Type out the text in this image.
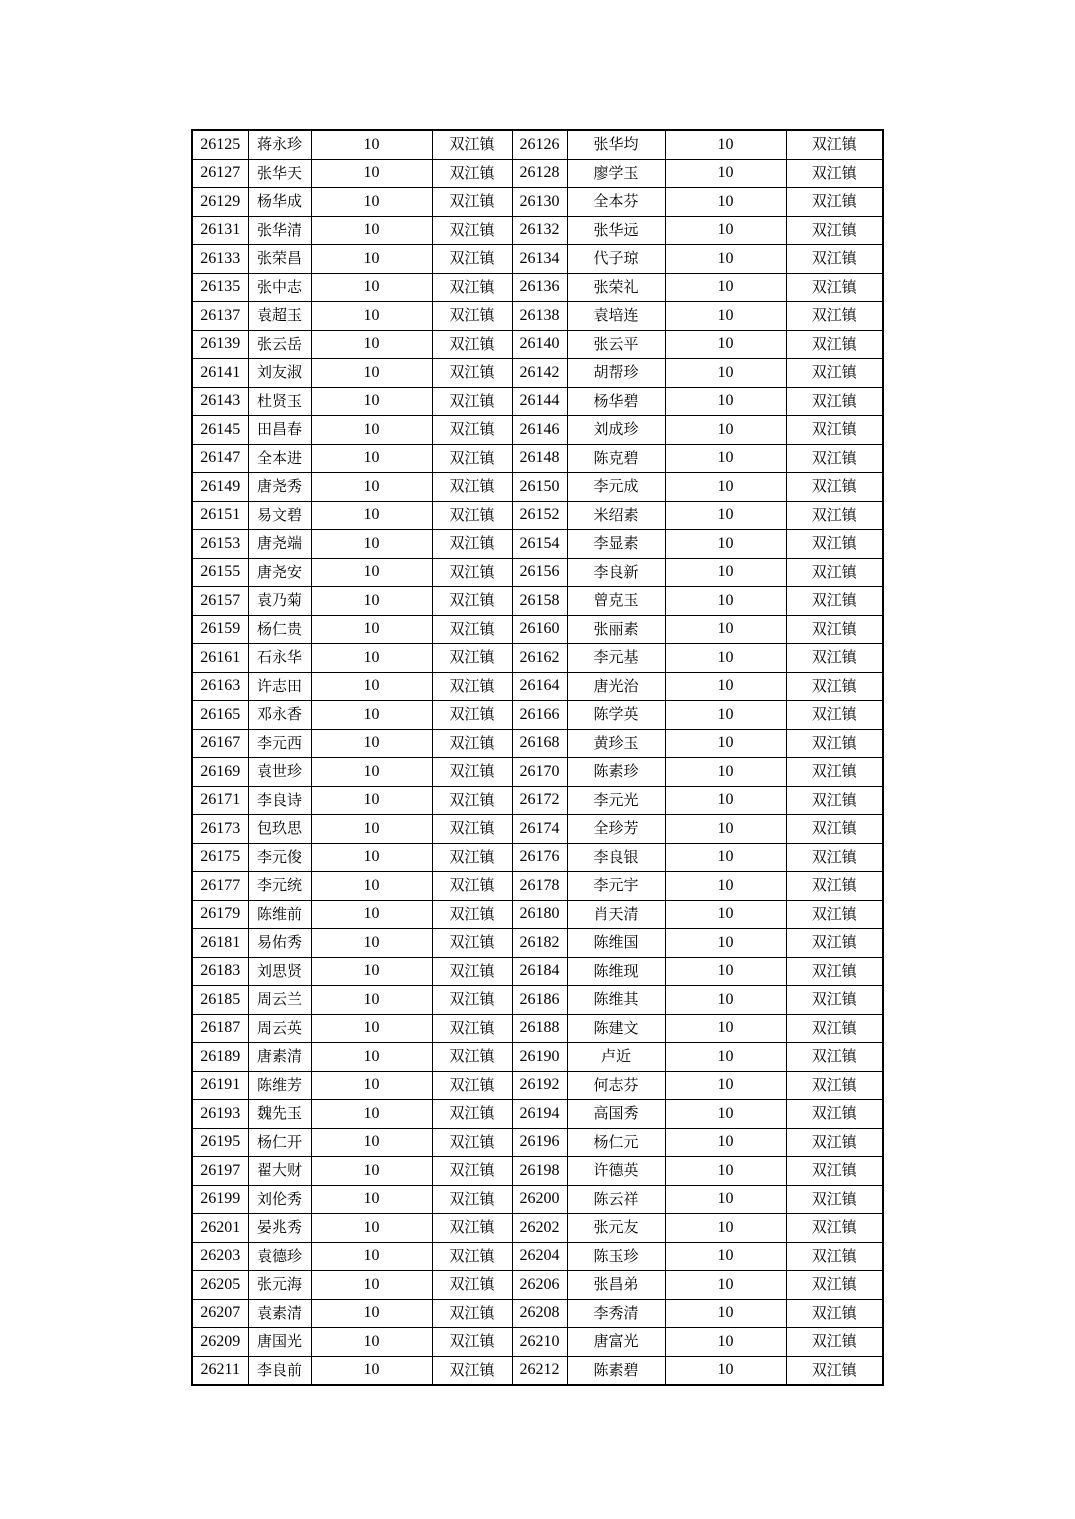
26125	蒋永珍	10	双江镇	26126	张华均	10	双江镇
26127	张华天	10	双江镇	26128	廖学玉	10	双江镇
26129	杨华成	10	双江镇	26130	全本芬	10	双江镇
26131	张华清	10	双江镇	26132	张华远	10	双江镇
26133	张荣昌	10	双江镇	26134	代子琼	10	双江镇
26135	张中志	10	双江镇	26136	张荣礼	10	双江镇
26137	袁超玉	10	双江镇	26138	袁培连	10	双江镇
26139	张云岳	10	双江镇	26140	张云平	10	双江镇
26141	刘友淑	10	双江镇	26142	胡帮珍	10	双江镇
26143	杜贤玉	10	双江镇	26144	杨华碧	10	双江镇
26145	田昌春	10	双江镇	26146	刘成珍	10	双江镇
26147	全本进	10	双江镇	26148	陈克碧	10	双江镇
26149	唐尧秀	10	双江镇	26150	李元成	10	双江镇
26151	易文碧	10	双江镇	26152	米绍素	10	双江镇
26153	唐尧端	10	双江镇	26154	李显素	10	双江镇
26155	唐尧安	10	双江镇	26156	李良新	10	双江镇
26157	袁乃菊	10	双江镇	26158	曾克玉	10	双江镇
26159	杨仁贵	10	双江镇	26160	张丽素	10	双江镇
26161	石永华	10	双江镇	26162	李元基	10	双江镇
26163	许志田	10	双江镇	26164	唐光治	10	双江镇
26165	邓永香	10	双江镇	26166	陈学英	10	双江镇
26167	李元西	10	双江镇	26168	黄珍玉	10	双江镇
26169	袁世珍	10	双江镇	26170	陈素珍	10	双江镇
26171	李良诗	10	双江镇	26172	李元光	10	双江镇
26173	包玖思	10	双江镇	26174	全珍芳	10	双江镇
26175	李元俊	10	双江镇	26176	李良银	10	双江镇
26177	李元统	10	双江镇	26178	李元宇	10	双江镇
26179	陈维前	10	双江镇	26180	肖天清	10	双江镇
26181	易佑秀	10	双江镇	26182	陈维国	10	双江镇
26183	刘思贤	10	双江镇	26184	陈维现	10	双江镇
26185	周云兰	10	双江镇	26186	陈维其	10	双江镇
26187	周云英	10	双江镇	26188	陈建文	10	双江镇
26189	唐素清	10	双江镇	26190	卢近	10	双江镇
26191	陈维芳	10	双江镇	26192	何志芬	10	双江镇
26193	魏先玉	10	双江镇	26194	高国秀	10	双江镇
26195	杨仁开	10	双江镇	26196	杨仁元	10	双江镇
26197	翟大财	10	双江镇	26198	许德英	10	双江镇
26199	刘伦秀	10	双江镇	26200	陈云祥	10	双江镇
26201	晏兆秀	10	双江镇	26202	张元友	10	双江镇
26203	袁德珍	10	双江镇	26204	陈玉珍	10	双江镇
26205	张元海	10	双江镇	26206	张昌弟	10	双江镇
26207	袁素清	10	双江镇	26208	李秀清	10	双江镇
26209	唐国光	10	双江镇	26210	唐富光	10	双江镇
26211	李良前	10	双江镇	26212	陈素碧	10	双江镇
